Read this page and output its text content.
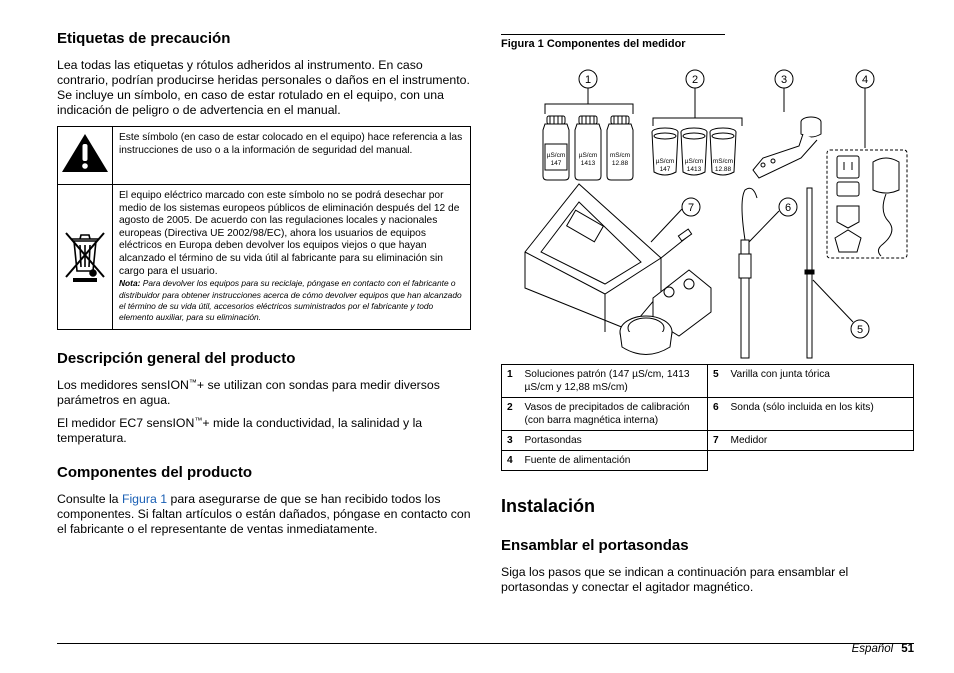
Etiquetas de precaución

Lea todas las etiquetas y rótulos adheridos al instrumento. En caso contrario, podrían producirse heridas personales o daños en el instrumento. Se incluye un símbolo, en caso de estar rotulado en el equipo, con una indicación de peligro o de advertencia en el manual.

	Este símbolo (en caso de estar colocado en el equipo) hace referencia a las instrucciones de uso o a la información de seguridad del manual.

El equipo eléctrico marcado con este símbolo no se podrá desechar por medio de los sistemas europeos públicos de eliminación después del 12 de agosto de 2005. De acuerdo con las regulaciones locales y nacionales europeas (Directiva UE 2002/98/EC), ahora los usuarios de equipos eléctricos en Europa deben devolver los equipos viejos o que hayan alcanzado el término de su vida útil al fabricante para su eliminación sin cargo para el usuario.
Nota: Para devolver los equipos para su reciclaje, póngase en contacto con el fabricante o distribuidor para obtener instrucciones acerca de cómo devolver equipos que han alcanzado el término de su vida útil, accesorios eléctricos suministrados por el fabricante y todo elemento auxiliar, para su eliminación.
Descripción general del producto

Los medidores sensION™+ se utilizan con sondas para medir diversos parámetros en agua.

El medidor EC7 sensION™+ mide la conductividad, la salinidad y la temperatura.

Componentes del producto

Consulte la Figura 1 para asegurarse de que se han recibido todos los componentes. Si faltan artículos o están dañados, póngase en contacto con el fabricante o el representante de ventas inmediatamente.

Figura 1 Componentes del medidor
1	2	3	4
7	6
5
µS/cm
147
µS/cm
1413
mS/cm
12.88	µS/cm
147
µS/cm
1413
mS/cm
12.88
1	Soluciones patrón (147 µS/cm, 1413 µS/cm y 12,88 mS/cm)	5	Varilla con junta tórica
2	Vasos de precipitados de calibración (con barra magnética interna)	6	Sonda (sólo incluida en los kits)
3	Portasondas	7	Medidor
4	Fuente de alimentación		
Instalación
Ensamblar el portasondas

Siga los pasos que se indican a continuación para ensamblar el portasondas y conectar el agitador magnético.

Español 51
